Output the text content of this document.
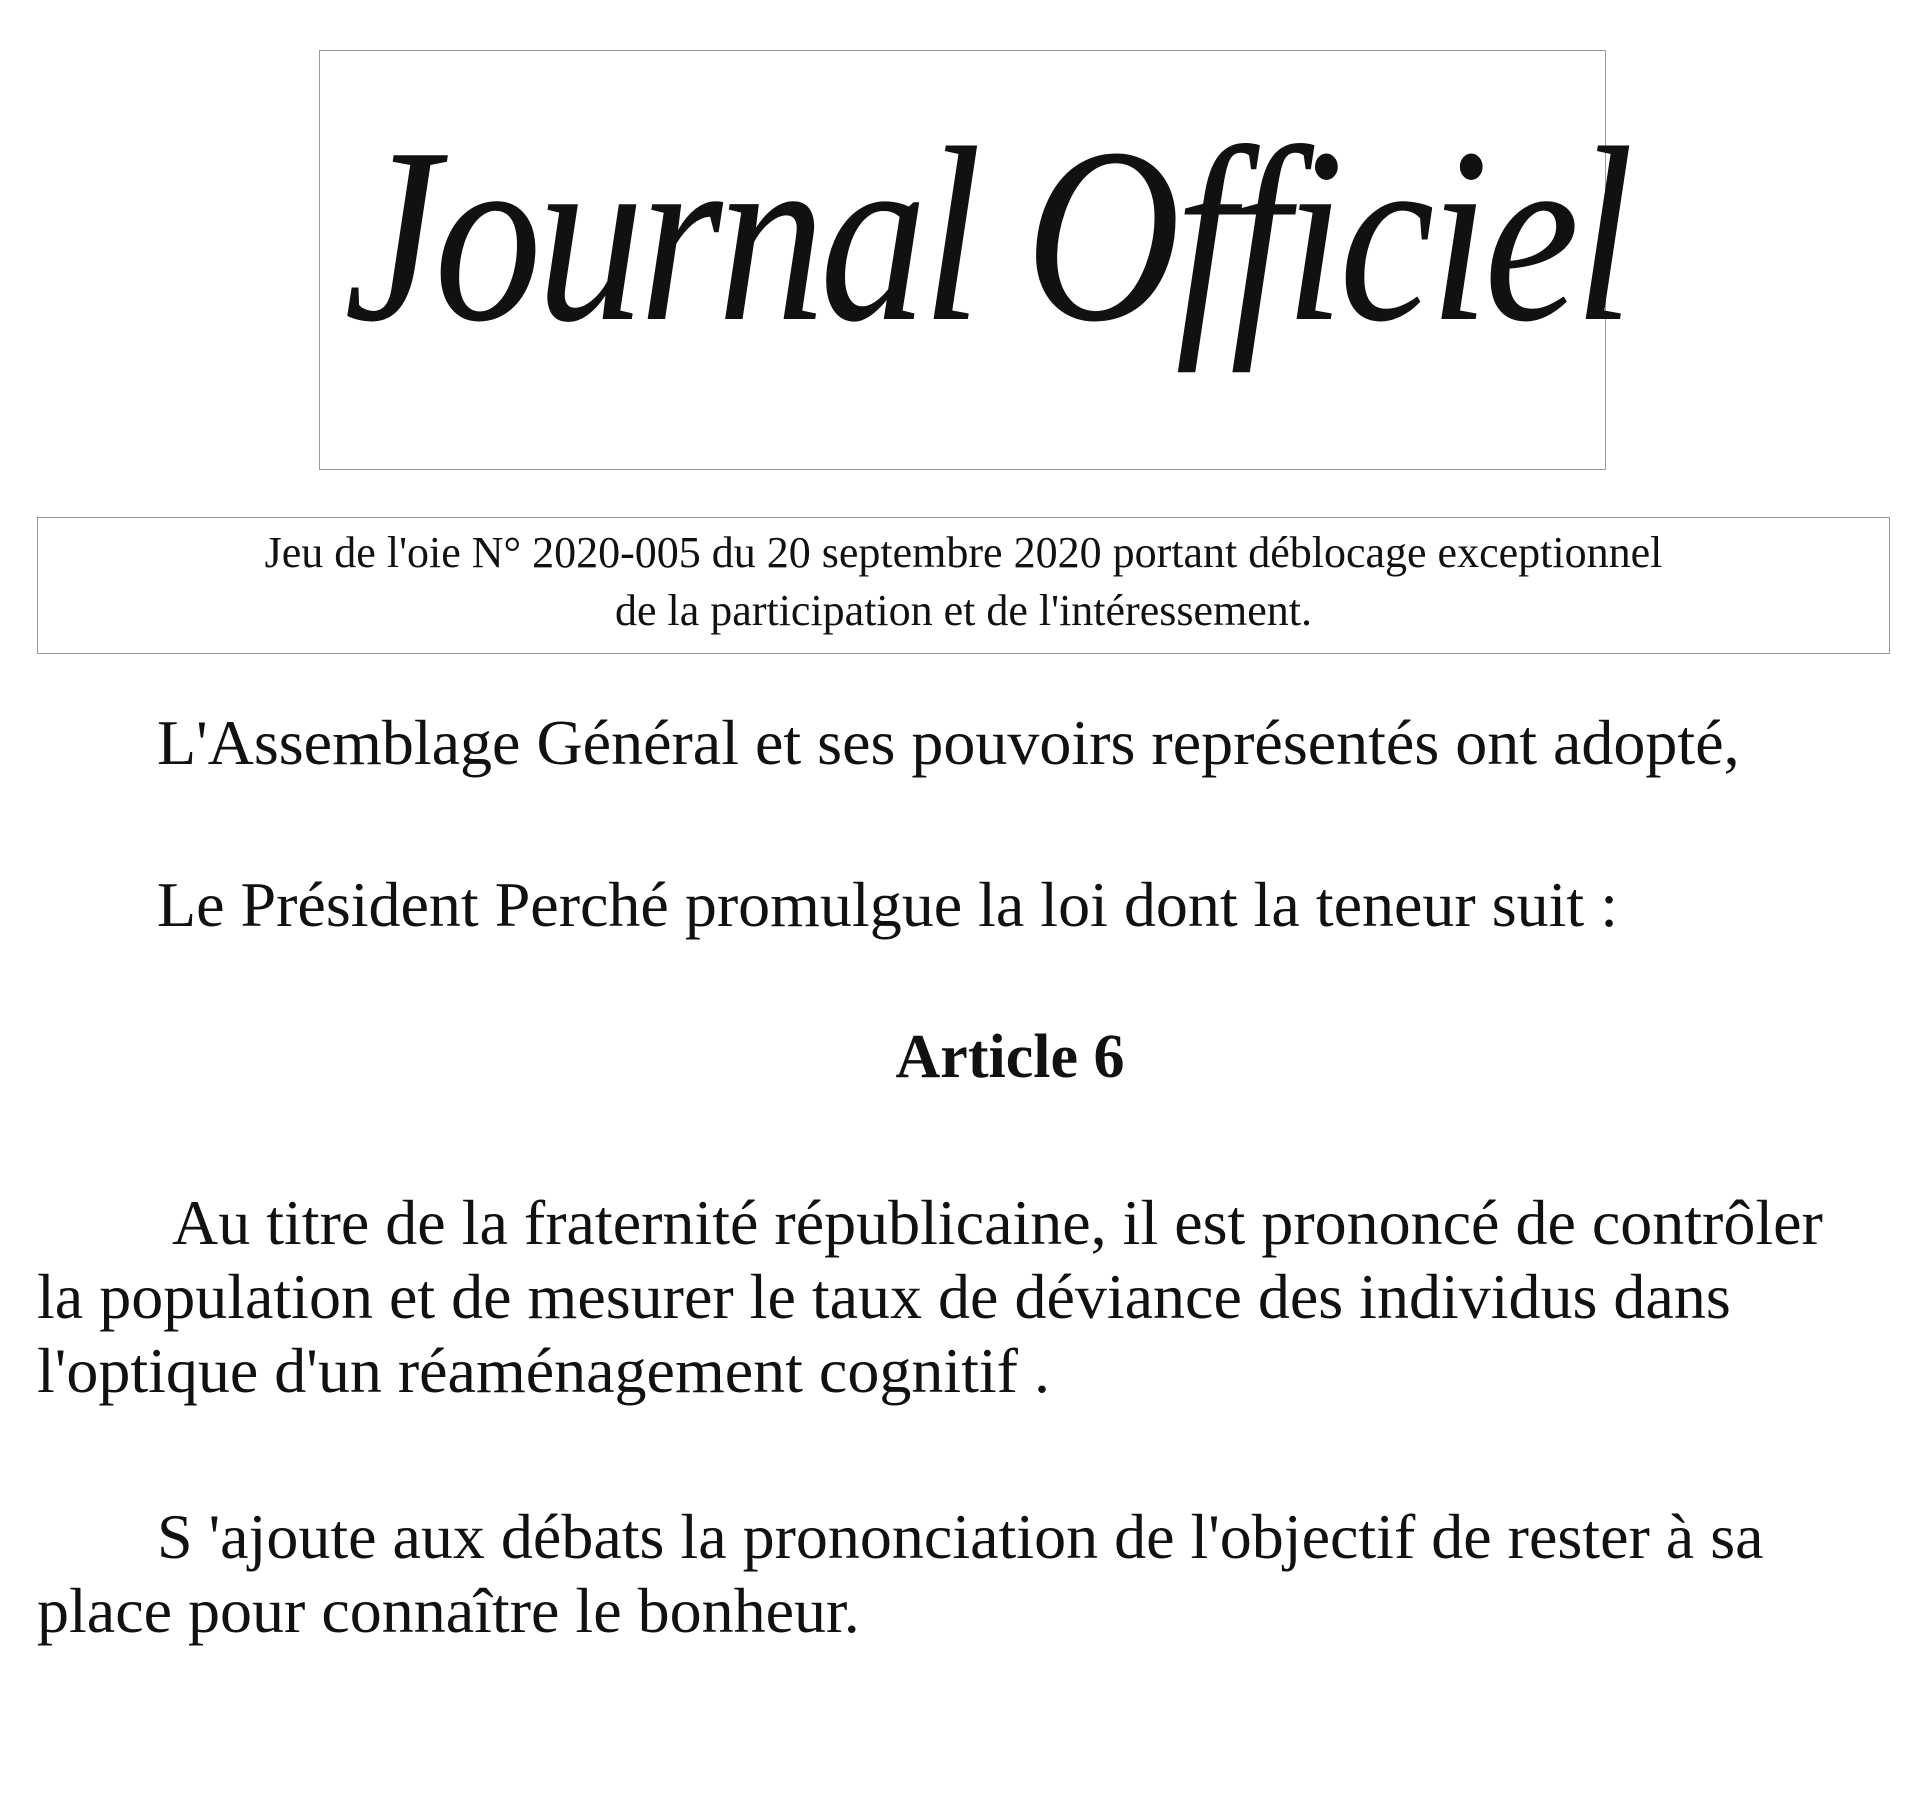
Journal Officiel
Jeu de l'oie N° 2020-005 du 20 septembre 2020 portant déblocage exceptionnel
de la participation et de l'intéressement.

L'Assemblage Général et ses pouvoirs représentés ont adopté,

Le Président Perché promulgue la loi dont la teneur suit :

Article 6

Au titre de la fraternité républicaine, il est prononcé de contrôler
la population et de mesurer le taux de déviance des individus dans
l'optique d'un réaménagement cognitif .

S 'ajoute aux débats la prononciation de l'objectif de rester à sa
place pour connaître le bonheur.
